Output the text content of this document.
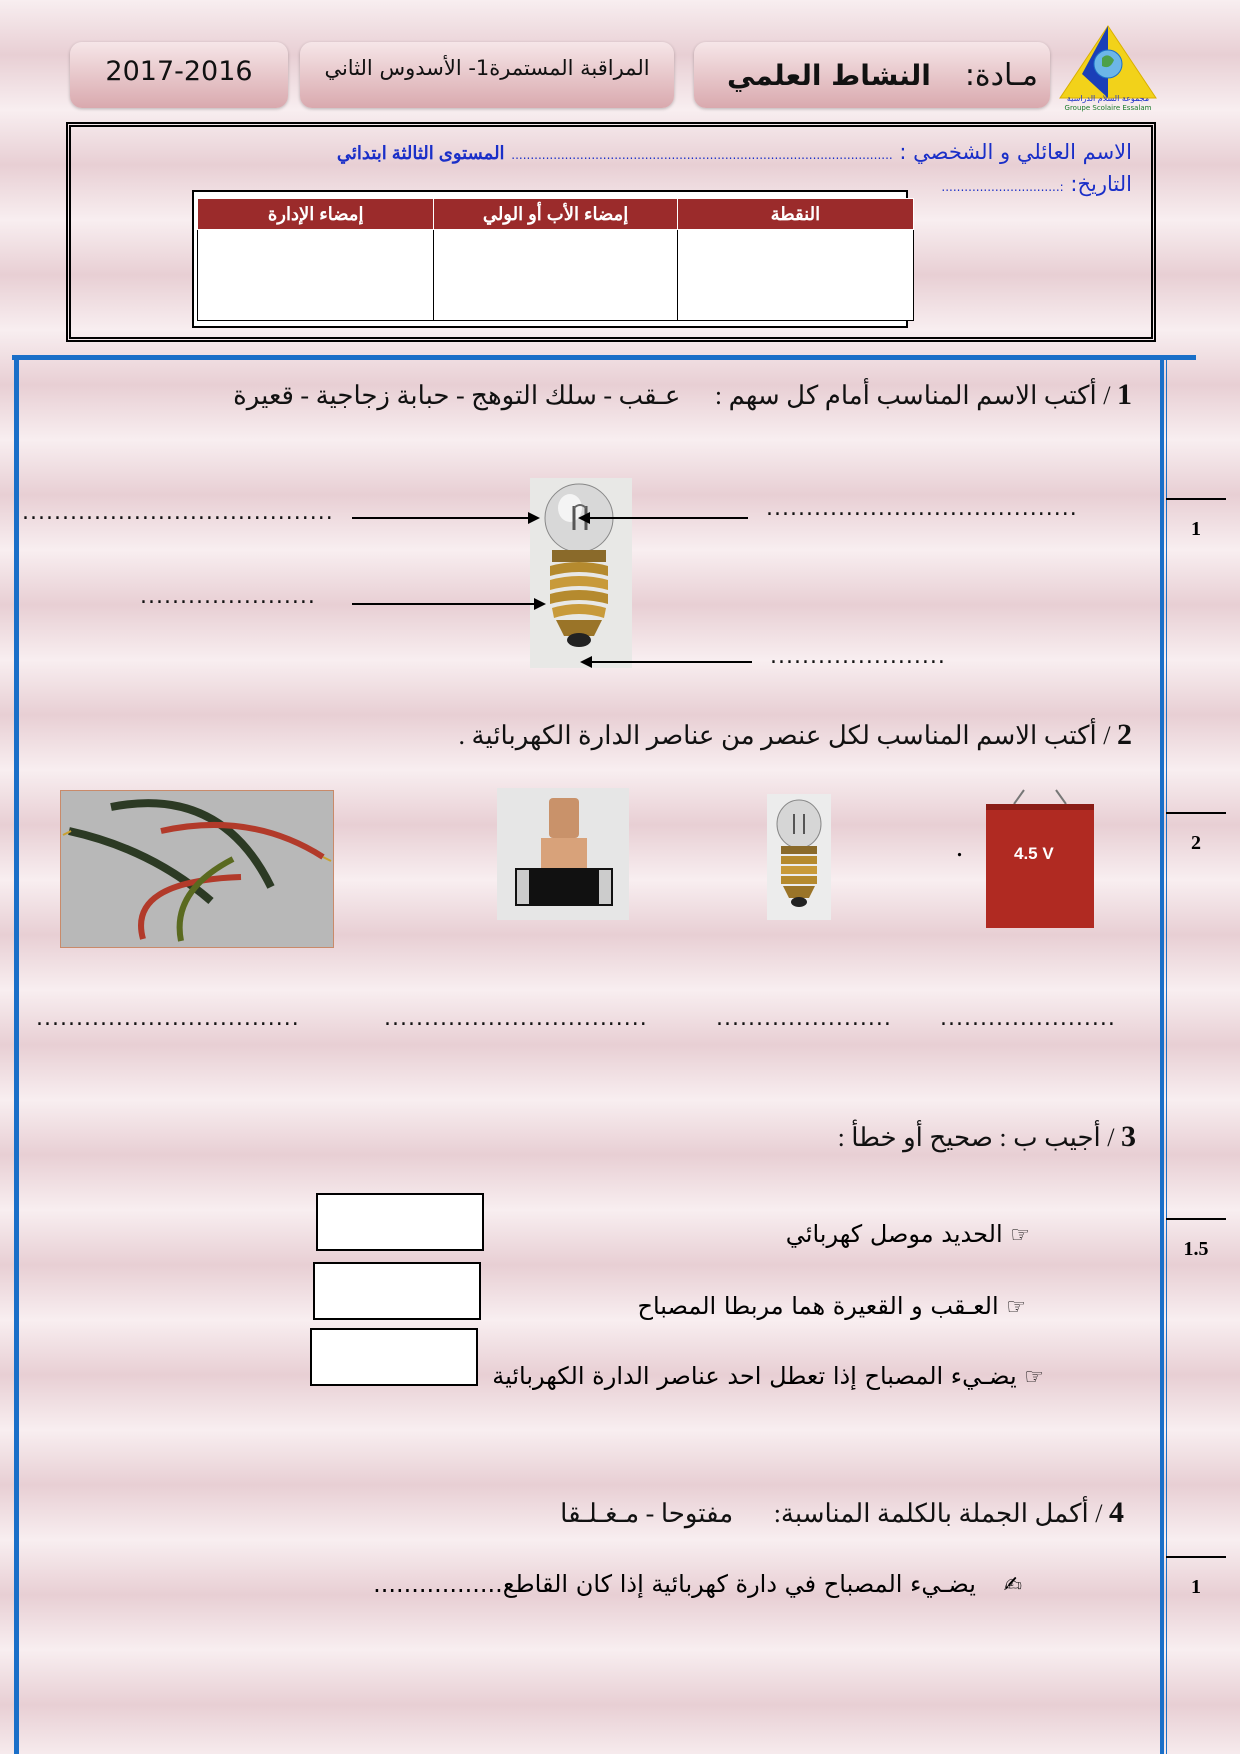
مجموعة السلام الدراسية
Groupe Scolaire Essalam
مـادة:
النشاط العلمي
المراقبة المستمرة1- الأسدوس الثاني
2017-2016
الاسم العائلي و الشخصي : .................................................................................................... المستوى الثالثة ابتدائي
التاريخ: :...............................
النقطة	إمضاء الأب أو الولي	إمضاء الإدارة

1 / أكتب الاسم المناسب أمام كل سهم : عـقب - سلك التوهج - حبابة زجاجية - قعيرة
.......................................	.......................................
......................
......................
1
2 / أكتب الاسم المناسب لكل عنصر من عناصر الدارة الكهربائية .
.	4.5 V
.................................	.................................	...................... ......................
2
3 / أجيب ب : صحيح أو خطأ :
☞ الحديد موصل كهربائي
☞ العـقب و القعيرة هما مربطا المصباح
☞ يضـيء المصباح إذا تعطل احد عناصر الدارة الكهربائية
1.5
4 / أكمل الجملة بالكلمة المناسبة: مفتوحا - مـغـلـقا
✍ يضـيء المصباح في دارة كهربائية إذا كان القاطع.................	1
